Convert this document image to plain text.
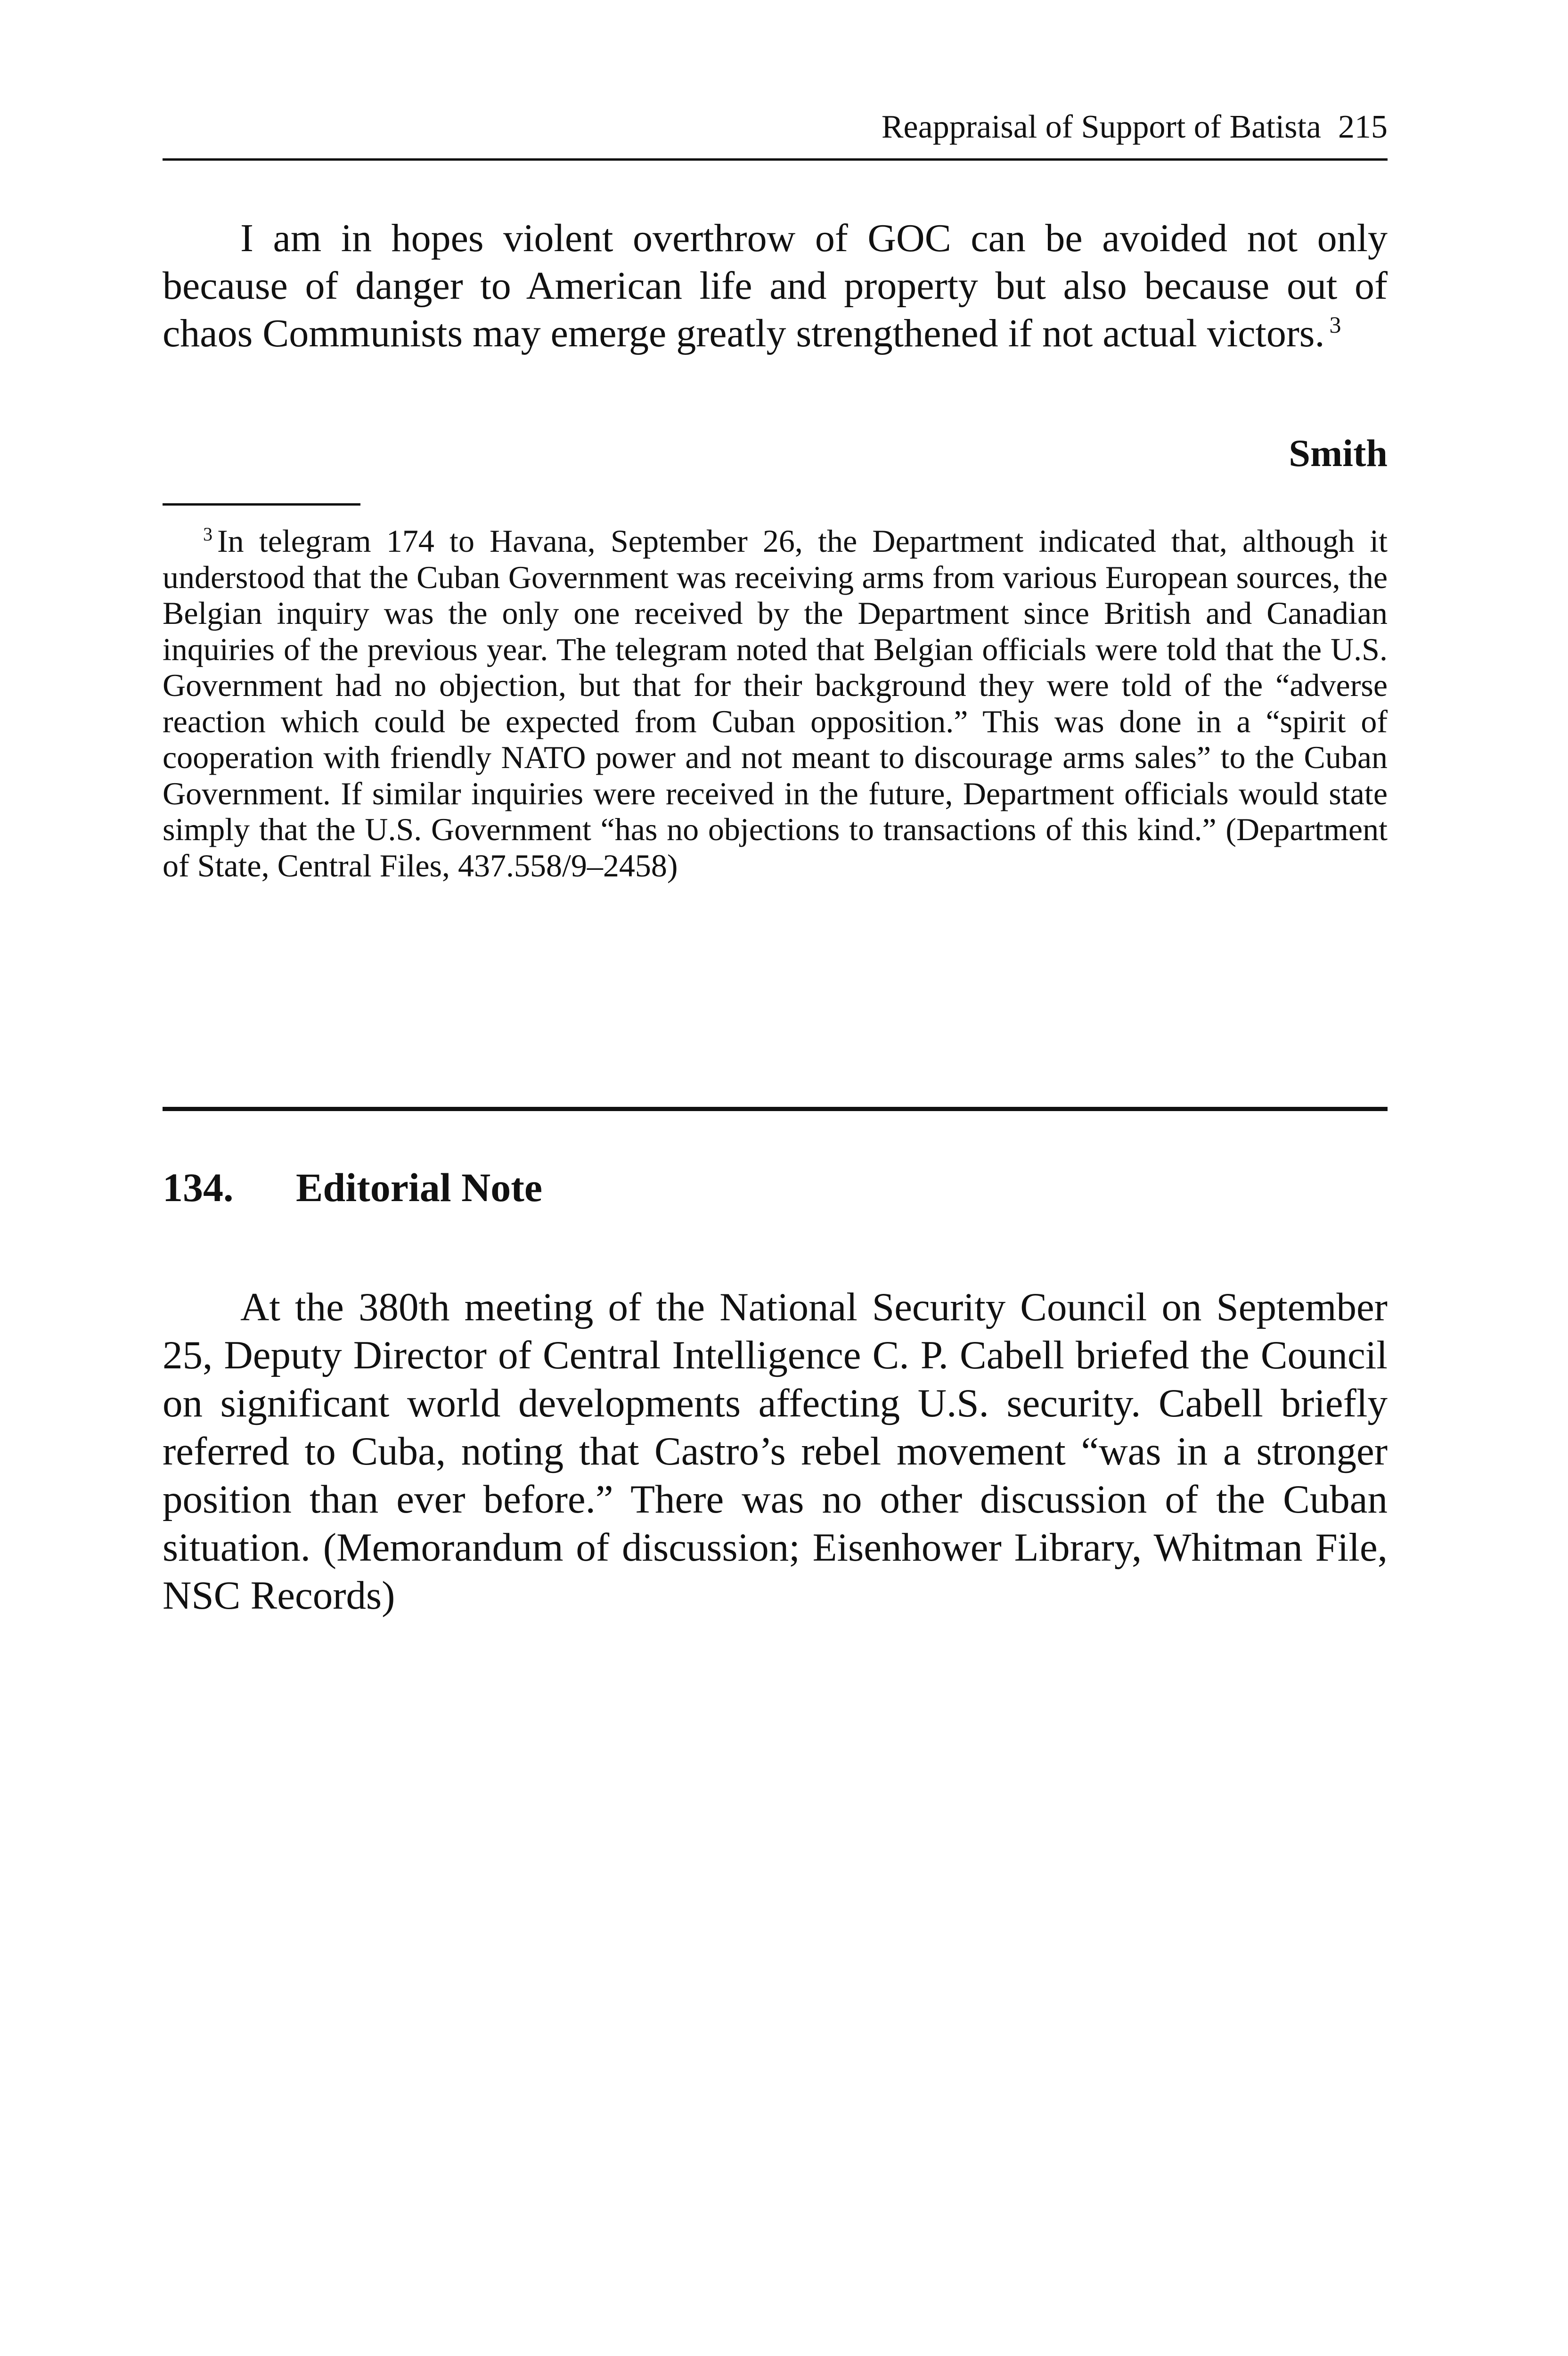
Reappraisal of Support of Batista 215

I am in hopes violent overthrow of GOC can be avoided not only because of danger to American life and property but also because out of chaos Communists may emerge greatly strengthened if not actual victors. $^3$

Smith

$^3$ In telegram 174 to Havana, September 26, the Department indicated that, although it understood that the Cuban Government was receiving arms from various European sources, the Belgian inquiry was the only one received by the Department since British and Canadian inquiries of the previous year. The telegram noted that Belgian officials were told that the U.S. Government had no objection, but that for their background they were told of the “adverse reaction which could be expected from Cuban opposition.” This was done in a “spirit of cooperation with friendly NATO power and not meant to discourage arms sales” to the Cuban Government. If similar inquiries were received in the future, Department officials would state simply that the U.S. Government “has no objections to transactions of this kind.” (Department of State, Central Files, 437.558/9–2458)

134. Editorial Note

At the 380th meeting of the National Security Council on September 25, Deputy Director of Central Intelligence C. P. Cabell briefed the Council on significant world developments affecting U.S. security. Cabell briefly referred to Cuba, noting that Castro’s rebel movement “was in a stronger position than ever before.” There was no other discussion of the Cuban situation. (Memorandum of discussion; Eisenhower Library, Whitman File, NSC Records)
